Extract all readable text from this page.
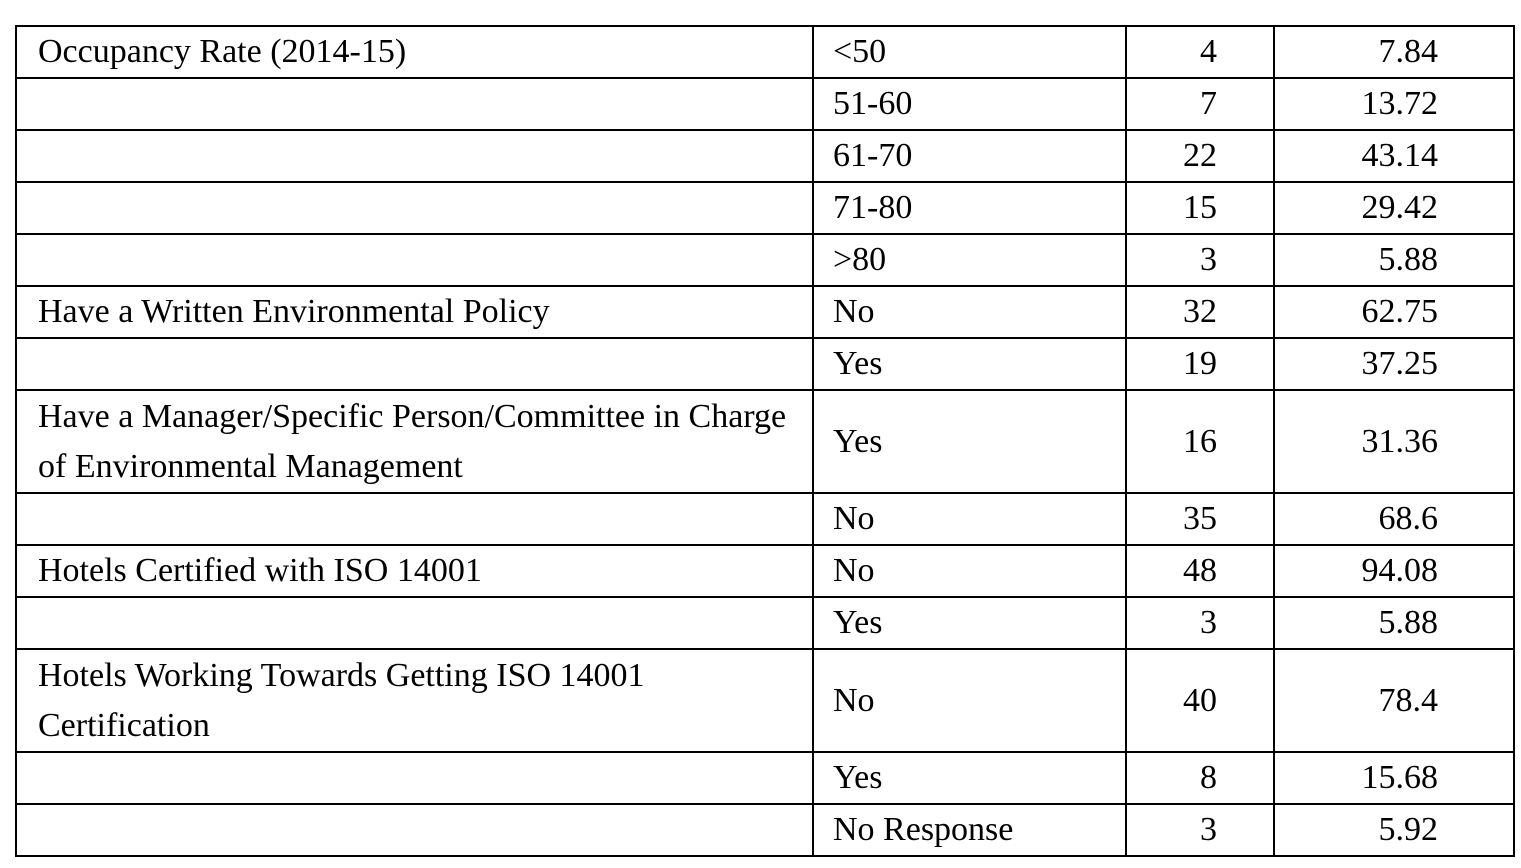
Occupancy Rate (2014-15)	<50	4	7.84
	51-60	7	13.72
	61-70	22	43.14
	71-80	15	29.42
	>80	3	5.88
Have a Written Environmental Policy	No	32	62.75
	Yes	19	37.25
Have a Manager/Specific Person/Committee in Charge of Environmental Management	Yes	16	31.36
	No	35	68.6
Hotels Certified with ISO 14001	No	48	94.08
	Yes	3	5.88
Hotels Working Towards Getting ISO 14001 Certification	No	40	78.4
	Yes	8	15.68
	No Response	3	5.92
